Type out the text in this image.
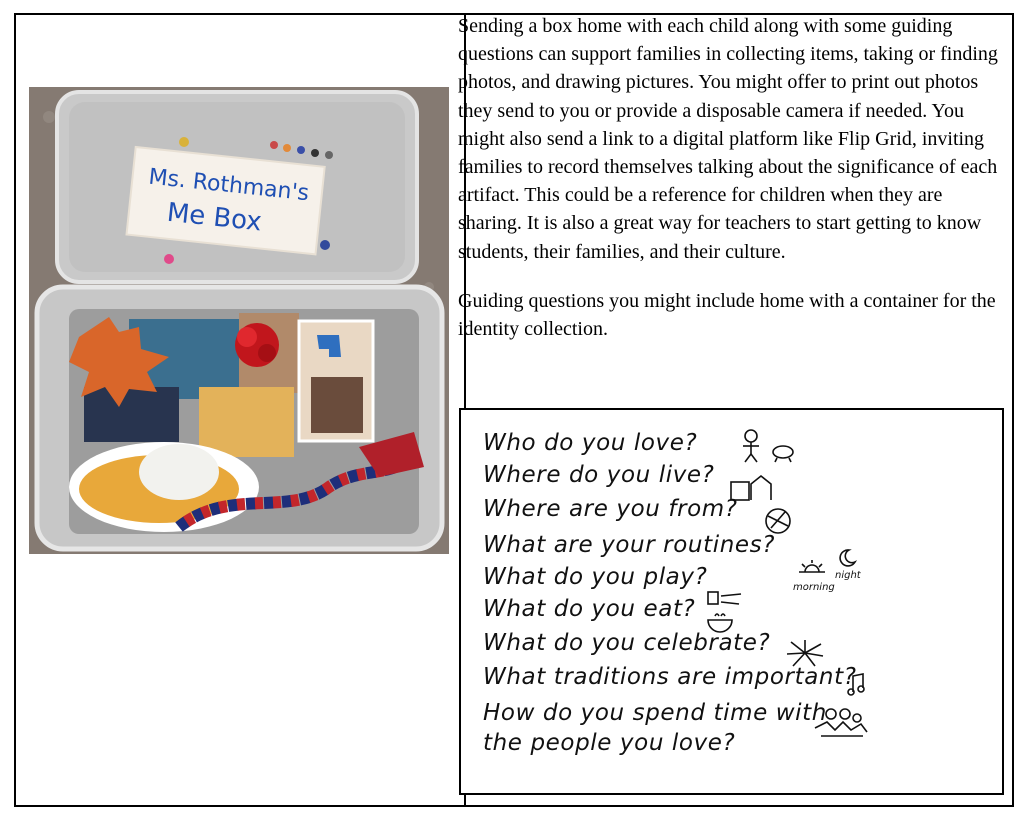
Ms. Rothman's
Me Box

Sending a box home with each child along with some guiding questions can support families in collecting items, taking or finding photos, and drawing pictures. You might offer to print out photos they send to you or provide a disposable camera if needed. You might also send a link to a digital platform like Flip Grid, inviting families to record themselves talking about the significance of each artifact. This could be a reference for children when they are sharing. It is also a great way for teachers to start getting to know students, their families, and their culture.

Guiding questions you might include home with a container for the identity collection.

Who do you love?
Where do you live?
Where are you from?
What are your routines?
What do you play?
What do you eat?
What do you celebrate?
What traditions are important?
How do you spend time with
the people you love?
morning
night
